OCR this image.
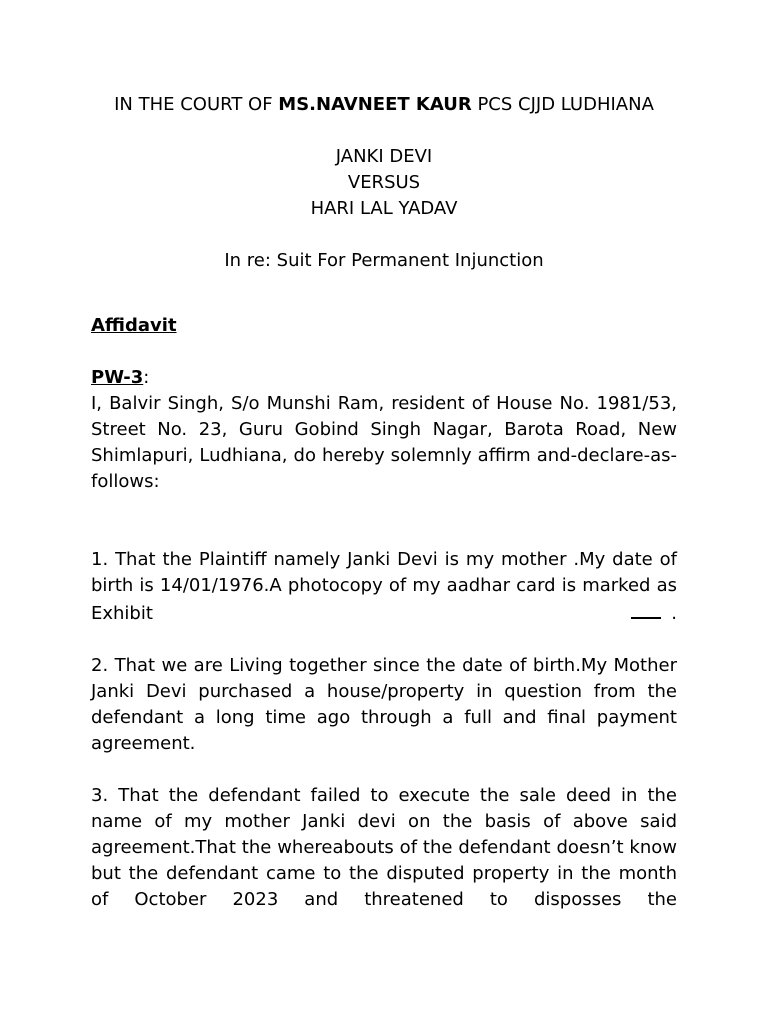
IN THE COURT OF MS.NAVNEET KAUR PCS CJJD LUDHIANA

JANKI DEVI
VERSUS
HARI LAL YADAV

In re: Suit For Permanent Injunction

Affidavit

PW-3:

I, Balvir Singh, S/o Munshi Ram, resident of House No. 1981/53, Street No. 23, Guru Gobind Singh Nagar, Barota Road, New Shimlapuri, Ludhiana, do hereby solemnly affirm and-declare-as-follows:

1. That the Plaintiff namely Janki Devi is my mother .My date of birth is 14/01/1976.A photocopy of my aadhar card is marked as Exhibit	.

2. That we are Living together since the date of birth.My Mother Janki Devi purchased a house/property in question from the defendant a long time ago through a full and final payment agreement.

3. That the defendant failed to execute the sale deed in the name of my mother Janki devi on the basis of above said agreement.That the whereabouts of the defendant doesn’t know but the defendant came to the disputed property in the month of October 2023 and threatened to disposses the
